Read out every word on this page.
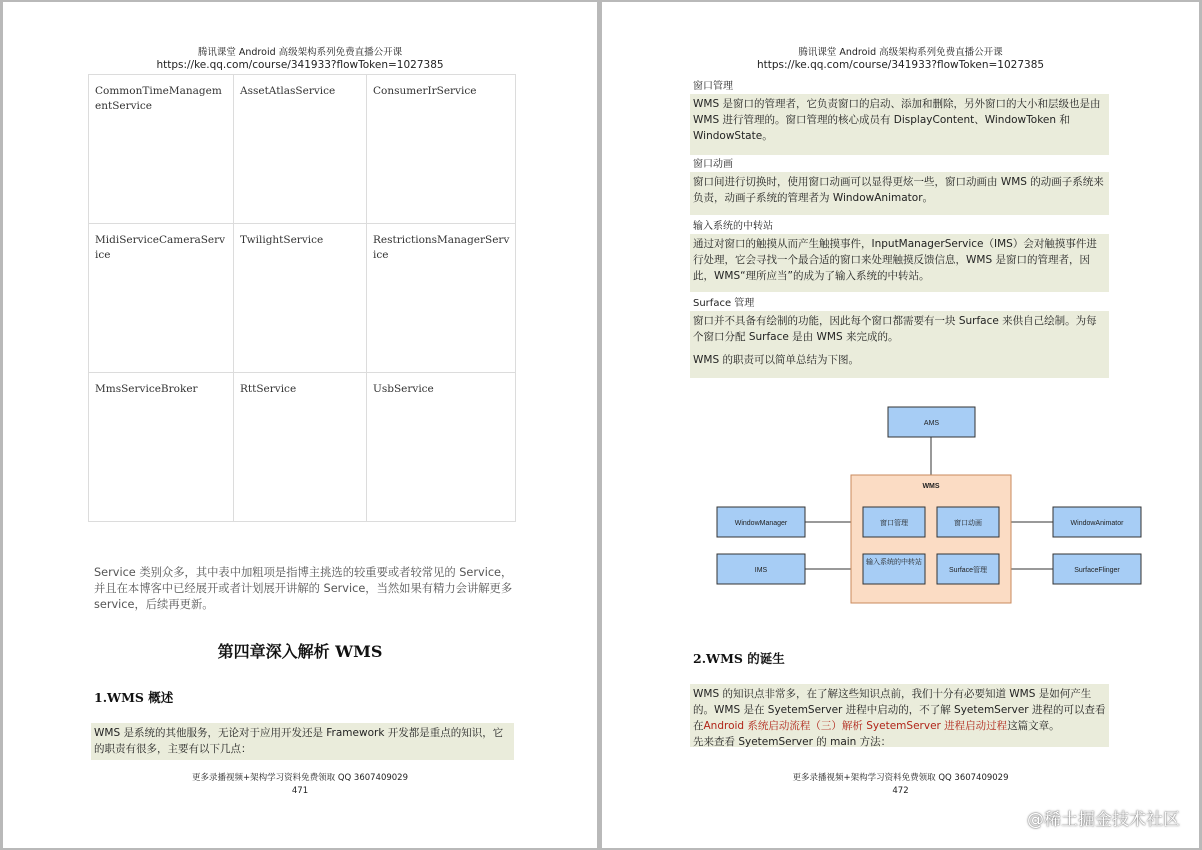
腾讯课堂 Android 高级架构系列免费直播公开课
https://ke.qq.com/course/341933?flowToken=1027385
CommonTimeManagementService	AssetAtlasService	ConsumerIrService
MidiServiceCameraService	TwilightService	RestrictionsManagerService
MmsServiceBroker	RttService	UsbService
Service 类别众多，其中表中加粗项是指博主挑选的较重要或者较常见的 Service，并且在本博客中已经展开或者计划展开讲解的 Service，当然如果有精力会讲解更多 service，后续再更新。
第四章深入解析 WMS
1.WMS 概述
WMS 是系统的其他服务，无论对于应用开发还是 Framework 开发都是重点的知识，它的职责有很多，主要有以下几点：
更多录播视频+架构学习资料免费领取 QQ 3607409029
471
腾讯课堂 Android 高级架构系列免费直播公开课
https://ke.qq.com/course/341933?flowToken=1027385
窗口管理
WMS 是窗口的管理者，它负责窗口的启动、添加和删除，另外窗口的大小和层级也是由 WMS 进行管理的。窗口管理的核心成员有 DisplayContent、WindowToken 和 WindowState。
窗口动画
窗口间进行切换时，使用窗口动画可以显得更炫一些，窗口动画由 WMS 的动画子系统来负责，动画子系统的管理者为 WindowAnimator。
输入系统的中转站
通过对窗口的触摸从而产生触摸事件，InputManagerService（IMS）会对触摸事件进行处理，它会寻找一个最合适的窗口来处理触摸反馈信息，WMS 是窗口的管理者，因此，WMS“理所应当”的成为了输入系统的中转站。
Surface 管理
窗口并不具备有绘制的功能，因此每个窗口都需要有一块 Surface 来供自己绘制。为每个窗口分配 Surface 是由 WMS 来完成的。
WMS 的职责可以简单总结为下图。
WMS
AMS
WindowManager
IMS
窗口管理	窗口动画
输入系统的中转站
Surface管理
WindowAnimator
SurfaceFlinger
2.WMS 的诞生
WMS 的知识点非常多，在了解这些知识点前，我们十分有必要知道 WMS 是如何产生的。WMS 是在 SyetemServer 进程中启动的，不了解 SyetemServer 进程的可以查看在Android 系统启动流程（三）解析 SyetemServer 进程启动过程这篇文章。
先来查看 SyetemServer 的 main 方法：
更多录播视频+架构学习资料免费领取 QQ 3607409029
472
@稀土掘金技术社区
